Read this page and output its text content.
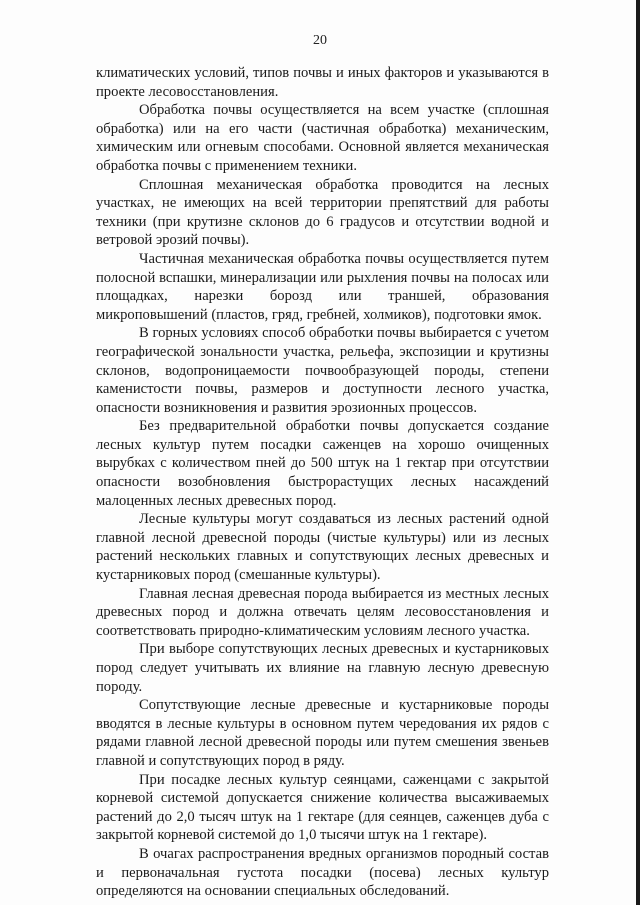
20

климатических условий, типов почвы и иных факторов и указываются в проекте лесовосстановления.

Обработка почвы осуществляется на всем участке (сплошная обработка) или на его части (частичная обработка) механическим, химическим или огневым способами. Основной является механическая обработка почвы с применением техники.

Сплошная механическая обработка проводится на лесных участках, не имеющих на всей территории препятствий для работы техники (при крутизне склонов до 6 градусов и отсутствии водной и ветровой эрозий почвы).

Частичная механическая обработка почвы осуществляется путем полосной вспашки, минерализации или рыхления почвы на полосах или площадках, нарезки борозд или траншей, образования микроповышений (пластов, гряд, гребней, холмиков), подготовки ямок.

В горных условиях способ обработки почвы выбирается с учетом географической зональности участка, рельефа, экспозиции и крутизны склонов, водопроницаемости почвообразующей породы, степени каменистости почвы, размеров и доступности лесного участка, опасности возникновения и развития эрозионных процессов.

Без предварительной обработки почвы допускается создание лесных культур путем посадки саженцев на хорошо очищенных вырубках с количеством пней до 500 штук на 1 гектар при отсутствии опасности возобновления быстрорастущих лесных насаждений малоценных лесных древесных пород.

Лесные культуры могут создаваться из лесных растений одной главной лесной древесной породы (чистые культуры) или из лесных растений нескольких главных и сопутствующих лесных древесных и кустарниковых пород (смешанные культуры).

Главная лесная древесная порода выбирается из местных лесных древесных пород и должна отвечать целям лесовосстановления и соответствовать природно-климатическим условиям лесного участка.

При выборе сопутствующих лесных древесных и кустарниковых пород следует учитывать их влияние на главную лесную древесную породу.

Сопутствующие лесные древесные и кустарниковые породы вводятся в лесные культуры в основном путем чередования их рядов с рядами главной лесной древесной породы или путем смешения звеньев главной и сопутствующих пород в ряду.

При посадке лесных культур сеянцами, саженцами с закрытой корневой системой допускается снижение количества высаживаемых растений до 2,0 тысяч штук на 1 гектаре (для сеянцев, саженцев дуба с закрытой корневой системой до 1,0 тысячи штук на 1 гектаре).

В очагах распространения вредных организмов породный состав и первоначальная густота посадки (посева) лесных культур определяются на основании специальных обследований.
